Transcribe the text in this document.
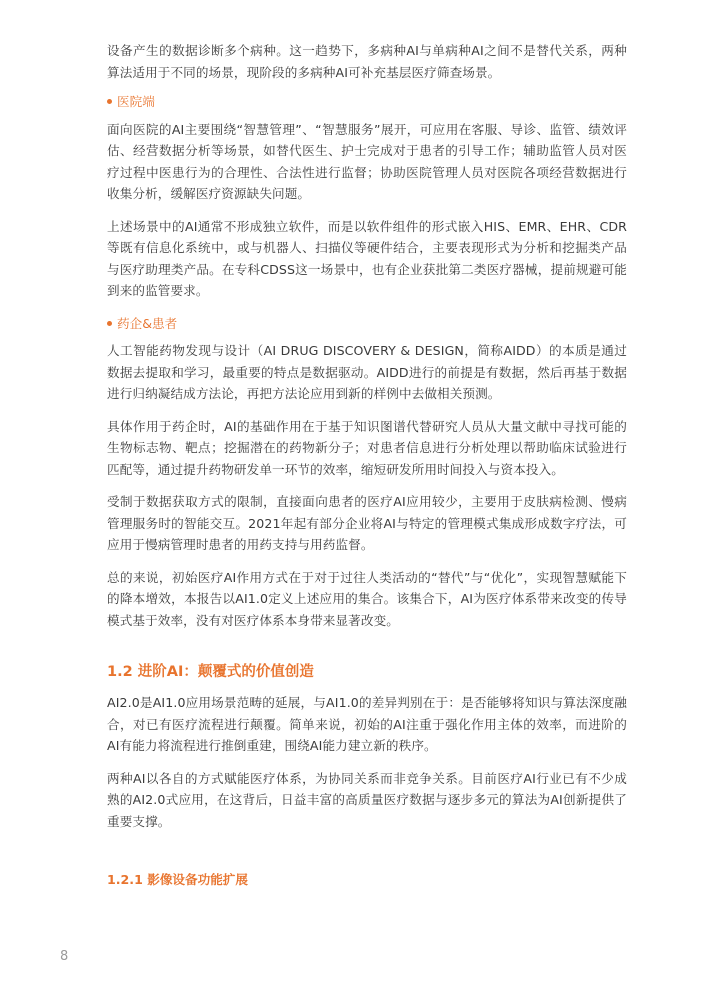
设备产生的数据诊断多个病种。这一趋势下，多病种AI与单病种AI之间不是替代关系，两种算法适用于不同的场景，现阶段的多病种AI可补充基层医疗筛查场景。

医院端

面向医院的AI主要围绕“智慧管理”、“智慧服务”展开，可应用在客服、导诊、监管、绩效评估、经营数据分析等场景，如替代医生、护士完成对于患者的引导工作；辅助监管人员对医疗过程中医患行为的合理性、合法性进行监督；协助医院管理人员对医院各项经营数据进行收集分析，缓解医疗资源缺失问题。

上述场景中的AI通常不形成独立软件，而是以软件组件的形式嵌入HIS、EMR、EHR、CDR等既有信息化系统中，或与机器人、扫描仪等硬件结合，主要表现形式为分析和挖掘类产品与医疗助理类产品。在专科CDSS这一场景中，也有企业获批第二类医疗器械，提前规避可能到来的监管要求。

药企&患者

人工智能药物发现与设计（AI DRUG DISCOVERY & DESIGN，简称AIDD）的本质是通过数据去提取和学习，最重要的特点是数据驱动。AIDD进行的前提是有数据，然后再基于数据进行归纳凝结成方法论，再把方法论应用到新的样例中去做相关预测。

具体作用于药企时，AI的基础作用在于基于知识图谱代替研究人员从大量文献中寻找可能的生物标志物、靶点；挖掘潜在的药物新分子；对患者信息进行分析处理以帮助临床试验进行匹配等，通过提升药物研发单一环节的效率，缩短研发所用时间投入与资本投入。

受制于数据获取方式的限制，直接面向患者的医疗AI应用较少，主要用于皮肤病检测、慢病管理服务时的智能交互。2021年起有部分企业将AI与特定的管理模式集成形成数字疗法，可应用于慢病管理时患者的用药支持与用药监督。

总的来说，初始医疗AI作用方式在于对于过往人类活动的“替代”与“优化”，实现智慧赋能下的降本增效，本报告以AI1.0定义上述应用的集合。该集合下，AI为医疗体系带来改变的传导模式基于效率，没有对医疗体系本身带来显著改变。

1.2 进阶AI：颠覆式的价值创造

AI2.0是AI1.0应用场景范畴的延展，与AI1.0的差异判别在于：是否能够将知识与算法深度融合，对已有医疗流程进行颠覆。简单来说，初始的AI注重于强化作用主体的效率，而进阶的AI有能力将流程进行推倒重建，围绕AI能力建立新的秩序。

两种AI以各自的方式赋能医疗体系，为协同关系而非竞争关系。目前医疗AI行业已有不少成熟的AI2.0式应用，在这背后，日益丰富的高质量医疗数据与逐步多元的算法为AI创新提供了重要支撑。

1.2.1 影像设备功能扩展
8
